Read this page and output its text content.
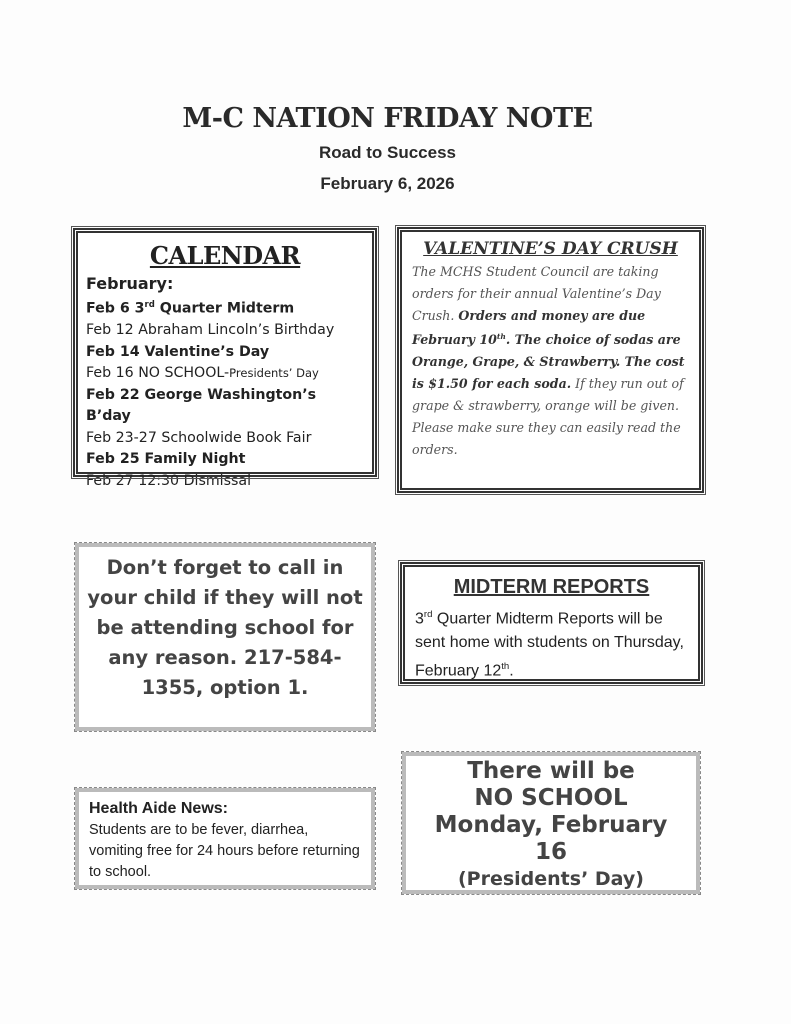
M-C NATION FRIDAY NOTE
Road to Success
February 6, 2026
CALENDAR
February:
Feb 6 3rd Quarter Midterm
Feb 12 Abraham Lincoln’s Birthday
Feb 14 Valentine’s Day
Feb 16 NO SCHOOL-Presidents’ Day
Feb 22 George Washington’s B’day
Feb 23-27 Schoolwide Book Fair
Feb 25 Family Night
Feb 27 12:30 Dismissal
VALENTINE’S DAY CRUSH
The MCHS Student Council are taking orders for their annual Valentine’s Day Crush. Orders and money are due February 10th. The choice of sodas are Orange, Grape, & Strawberry. The cost is $1.50 for each soda. If they run out of grape & strawberry, orange will be given. Please make sure they can easily read the orders.
Don’t forget to call in your child if they will not be attending school for any reason. 217-584-1355, option 1.
MIDTERM REPORTS
3rd Quarter Midterm Reports will be sent home with students on Thursday, February 12th.
Health Aide News:
Students are to be fever, diarrhea, vomiting free for 24 hours before returning to school.
There will be
NO SCHOOL
Monday, February
16
(Presidents’ Day)
